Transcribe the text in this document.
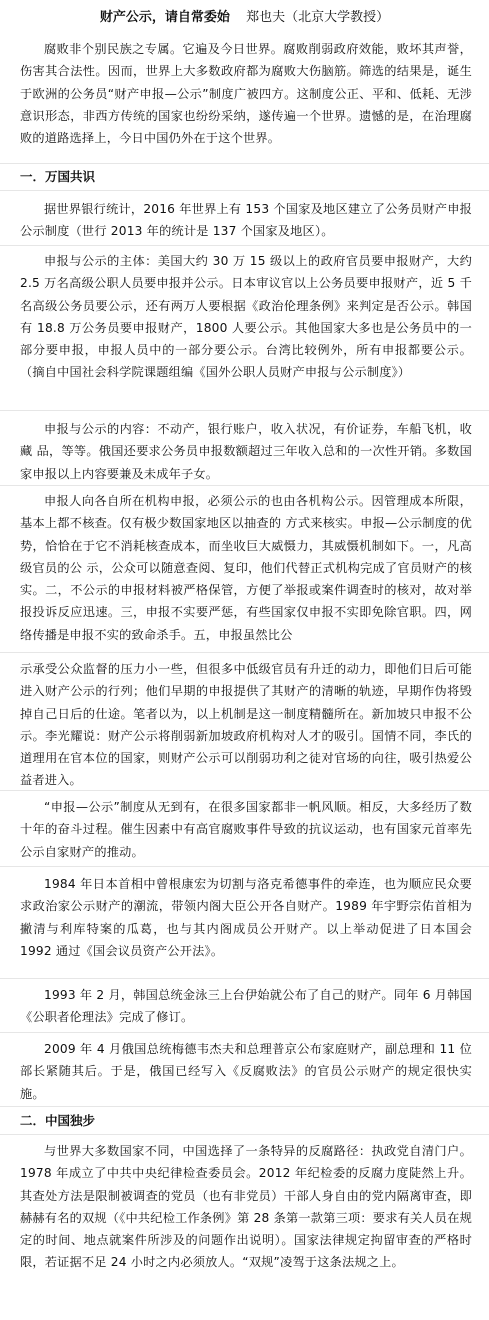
财产公示，请自常委始 郑也夫（北京大学教授）

腐败非个别民族之专属。它遍及今日世界。腐败削弱政府效能，败坏其声誉，伤害其合法性。因而，世界上大多数政府都为腐败大伤脑筋。筛选的结果是，诞生于欧洲的公务员“财产申报—公示”制度广被四方。这制度公正、平和、低耗、无涉意识形态，非西方传统的国家也纷纷采纳，遂传遍一个世界。遗憾的是，在治理腐败的道路选择上，今日中国仍外在于这个世界。

一．万国共识

据世界银行统计，2016 年世界上有 153 个国家及地区建立了公务员财产申报公示制度（世行 2013 年的统计是 137 个国家及地区）。

申报与公示的主体：美国大约 30 万 15 级以上的政府官员要申报财产，大约 2.5 万名高级公职人员要申报并公示。日本审议官以上公务员要申报财产，近 5 千名高级公务员要公示，还有两万人要根据《政治伦理条例》来判定是否公示。韩国有 18.8 万公务员要申报财产，1800 人要公示。其他国家大多也是公务员中的一部分要申报，申报人员中的一部分要公示。台湾比较例外，所有申报都要公示。（摘自中国社会科学院课题组编《国外公职人员财产申报与公示制度》）

申报与公示的内容：不动产，银行账户，收入状况，有价证券，车船飞机，收藏 品，等等。俄国还要求公务员申报数额超过三年收入总和的一次性开销。多数国家申报以上内容要兼及未成年子女。

申报人向各自所在机构申报，必须公示的也由各机构公示。因管理成本所限，基本上都不核查。仅有极少数国家地区以抽查的 方式来核实。申报—公示制度的优势，恰恰在于它不消耗核查成本，而坐收巨大威慑力，其威慑机制如下。一，凡高级官员的公 示，公众可以随意查阅、复印，他们代替正式机构完成了官员财产的核实。二，不公示的申报材料被严格保管，方便了举报或案件调查时的核对，故对举报投诉反应迅速。三，申报不实要严惩，有些国家仅申报不实即免除官职。四，网络传播是申报不实的致命杀手。五，申报虽然比公

示承受公众监督的压力小一些，但很多中低级官员有升迁的动力，即他们日后可能进入财产公示的行列；他们早期的申报提供了其财产的清晰的轨迹，早期作伪将毁掉自己日后的仕途。笔者以为，以上机制是这一制度精髓所在。新加坡只申报不公示。李光耀说：财产公示将削弱新加坡政府机构对人才的吸引。国情不同，李氏的道理用在官本位的国家，则财产公示可以削弱功利之徒对官场的向往，吸引热爱公益者进入。

“申报—公示”制度从无到有，在很多国家都非一帆风顺。相反，大多经历了数十年的奋斗过程。催生因素中有高官腐败事件导致的抗议运动，也有国家元首率先公示自家财产的推动。

1984 年日本首相中曾根康宏为切割与洛克希德事件的牵连，也为顺应民众要求政治家公示财产的潮流，带领内阁大臣公开各自财产。1989 年宇野宗佑首相为撇清与利库特案的瓜葛，也与其内阁成员公开财产。以上举动促进了日本国会 1992 通过《国会议员资产公开法》。

1993 年 2 月，韩国总统金泳三上台伊始就公布了自己的财产。同年 6 月韩国《公职者伦理法》完成了修订。

2009 年 4 月俄国总统梅德韦杰夫和总理普京公布家庭财产，副总理和 11 位部长紧随其后。于是，俄国已经写入《反腐败法》的官员公示财产的规定很快实施。

二．中国独步

与世界大多数国家不同，中国选择了一条特异的反腐路径：执政党自清门户。1978 年成立了中共中央纪律检查委员会。2012 年纪检委的反腐力度陡然上升。其查处方法是限制被调查的党员（也有非党员）干部人身自由的党内隔离审查，即赫赫有名的双规（《中共纪检工作条例》第 28 条第一款第三项：要求有关人员在规定的时间、地点就案件所涉及的问题作出说明）。国家法律规定拘留审查的严格时限，若证据不足 24 小时之内必须放人。“双规”凌驾于这条法规之上。
